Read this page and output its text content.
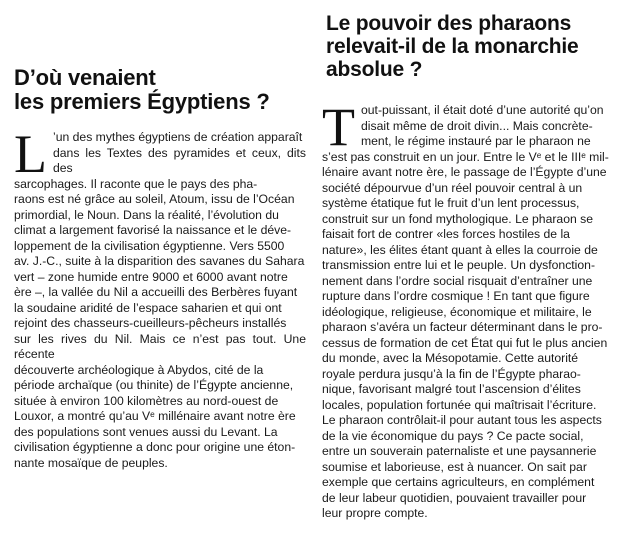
D’où venaient
les premiers Égyptiens ?
L ’un des mythes égyptiens de création apparaît
dans les Textes des pyramides et ceux, dits des
sarcophages. Il raconte que le pays des pha-
raons est né grâce au soleil, Atoum, issu de l’Océan
primordial, le Noun. Dans la réalité, l’évolution du
climat a largement favorisé la naissance et le déve-
loppement de la civilisation égyptienne. Vers 5500
av. J.-C., suite à la disparition des savanes du Sahara
vert – zone humide entre 9000 et 6000 avant notre
ère –, la vallée du Nil a accueilli des Berbères fuyant
la soudaine aridité de l’espace saharien et qui ont
rejoint des chasseurs-cueilleurs-pêcheurs installés
sur les rives du Nil. Mais ce n’est pas tout. Une récente
découverte archéologique à Abydos, cité de la
période archaïque (ou thinite) de l’Égypte ancienne,
située à environ 100 kilomètres au nord-ouest de
Louxor, a montré qu’au Vᵉ millénaire avant notre ère
des populations sont venues aussi du Levant. La
civilisation égyptienne a donc pour origine une éton-
nante mosaïque de peuples.
Le pouvoir des pharaons
relevait-il de la monarchie
absolue ?
T out-puissant, il était doté d’une autorité qu’on
disait même de droit divin... Mais concrète-
ment, le régime instauré par le pharaon ne
s’est pas construit en un jour. Entre le Vᵉ et le IIIᵉ mil-
lénaire avant notre ère, le passage de l’Égypte d’une
société dépourvue d’un réel pouvoir central à un
système étatique fut le fruit d’un lent processus,
construit sur un fond mythologique. Le pharaon se
faisait fort de contrer «les forces hostiles de la
nature», les élites étant quant à elles la courroie de
transmission entre lui et le peuple. Un dysfonction-
nement dans l’ordre social risquait d’entraîner une
rupture dans l’ordre cosmique ! En tant que figure
idéologique, religieuse, économique et militaire, le
pharaon s’avéra un facteur déterminant dans le pro-
cessus de formation de cet État qui fut le plus ancien
du monde, avec la Mésopotamie. Cette autorité
royale perdura jusqu’à la fin de l’Égypte pharao-
nique, favorisant malgré tout l’ascension d’élites
locales, population fortunée qui maîtrisait l’écriture.
Le pharaon contrôlait-il pour autant tous les aspects
de la vie économique du pays ? Ce pacte social,
entre un souverain paternaliste et une paysannerie
soumise et laborieuse, est à nuancer. On sait par
exemple que certains agriculteurs, en complément
de leur labeur quotidien, pouvaient travailler pour
leur propre compte.
